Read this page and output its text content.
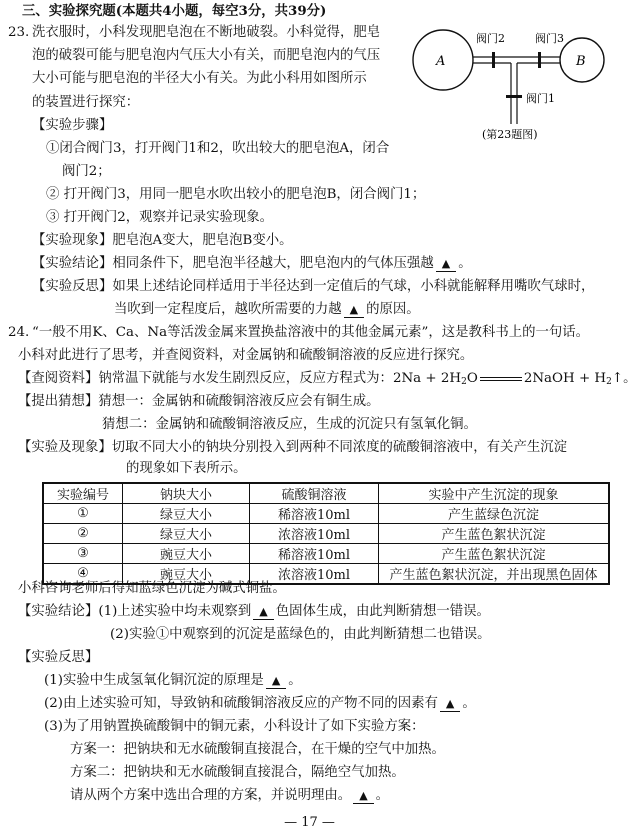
三、实验探究题(本题共4小题，每空3分，共39分)
23. 洗衣服时，小科发现肥皂泡在不断地破裂。小科觉得，肥皂
泡的破裂可能与肥皂泡内气压大小有关，而肥皂泡内的气压
大小可能与肥皂泡的半径大小有关。为此小科用如图所示
的装置进行探究：
【实验步骤】
①闭合阀门3，打开阀门1和2，吹出较大的肥皂泡A，闭合
阀门2；
② 打开阀门3，用同一肥皂水吹出较小的肥皂泡B，闭合阀门1；
③ 打开阀门2，观察并记录实验现象。
【实验现象】肥皂泡A变大，肥皂泡B变小。
【实验结论】相同条件下，肥皂泡半径越大，肥皂泡内的气体压强越 ▲ 。
【实验反思】如果上述结论同样适用于半径达到一定值后的气球，小科就能解释用嘴吹气球时，
当吹到一定程度后，越吹所需要的力越 ▲ 的原因。
A	B
阀门2	阀门3
阀门1
(第23题图)
24. “一般不用K、Ca、Na等活泼金属来置换盐溶液中的其他金属元素”，这是教科书上的一句话。
小科对此进行了思考，并查阅资料，对金属钠和硫酸铜溶液的反应进行探究。
【查阅资料】钠常温下就能与水发生剧烈反应，反应方程式为：$2Na + 2H_2O$	2NaOH + $H_2↑$。
【提出猜想】猜想一：金属钠和硫酸铜溶液反应会有铜生成。
猜想二：金属钠和硫酸铜溶液反应，生成的沉淀只有氢氧化铜。
【实验及现象】切取不同大小的钠块分别投入到两种不同浓度的硫酸铜溶液中，有关产生沉淀
实验编号	钠块大小	硫酸铜溶液	实验中产生沉淀的现象
①	绿豆大小	稀溶液10ml	产生蓝绿色沉淀
②	绿豆大小	浓溶液10ml	产生蓝色絮状沉淀
③	豌豆大小	稀溶液10ml	产生蓝色絮状沉淀
④	豌豆大小	浓溶液10ml	产生蓝色絮状沉淀，并出现黑色固体
的现象如下表所示。
小科咨询老师后得知蓝绿色沉淀为碱式铜盐。
【实验结论】(1)上述实验中均未观察到 ▲ 色固体生成，由此判断猜想一错误。
(2)实验①中观察到的沉淀是蓝绿色的，由此判断猜想二也错误。
【实验反思】
(1)实验中生成氢氧化铜沉淀的原理是 ▲ 。
(2)由上述实验可知，导致钠和硫酸铜溶液反应的产物不同的因素有 ▲ 。
(3)为了用钠置换硫酸铜中的铜元素，小科设计了如下实验方案：
方案一：把钠块和无水硫酸铜直接混合，在干燥的空气中加热。
方案二：把钠块和无水硫酸铜直接混合，隔绝空气加热。
请从两个方案中选出合理的方案，并说明理由。 ▲ 。
— 17 —
